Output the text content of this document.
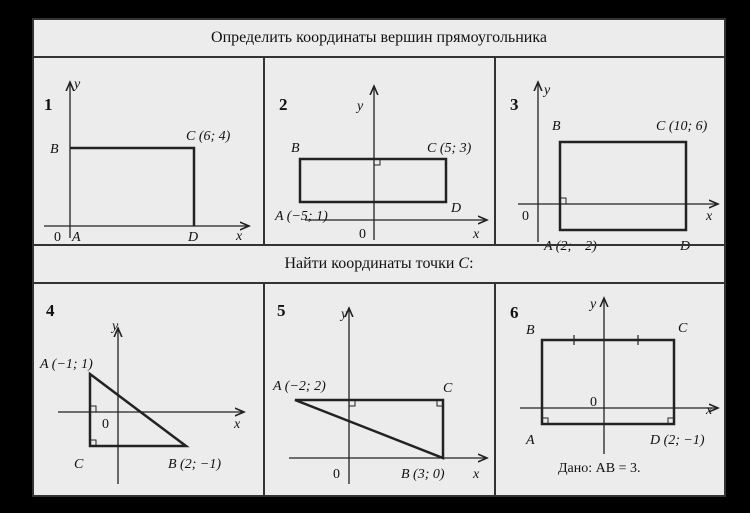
Определить координаты вершин прямоугольника
1
y
x
0
B
C (6; 4)
A	D
2	y
x
0
B	C (5; 3)
A (−5; 1)
D
3
y
x
0
B	C (10; 6)
A (2; −2)	D
Найти координаты точки
C :
4
y
x
0
A (−1; 1)
C	B (2; −1)
5	y
x
0
A (−2; 2)	C
B (3; 0)
6	y
x
0
B	C
A	D (2; −1)
Дано: AB = 3.
